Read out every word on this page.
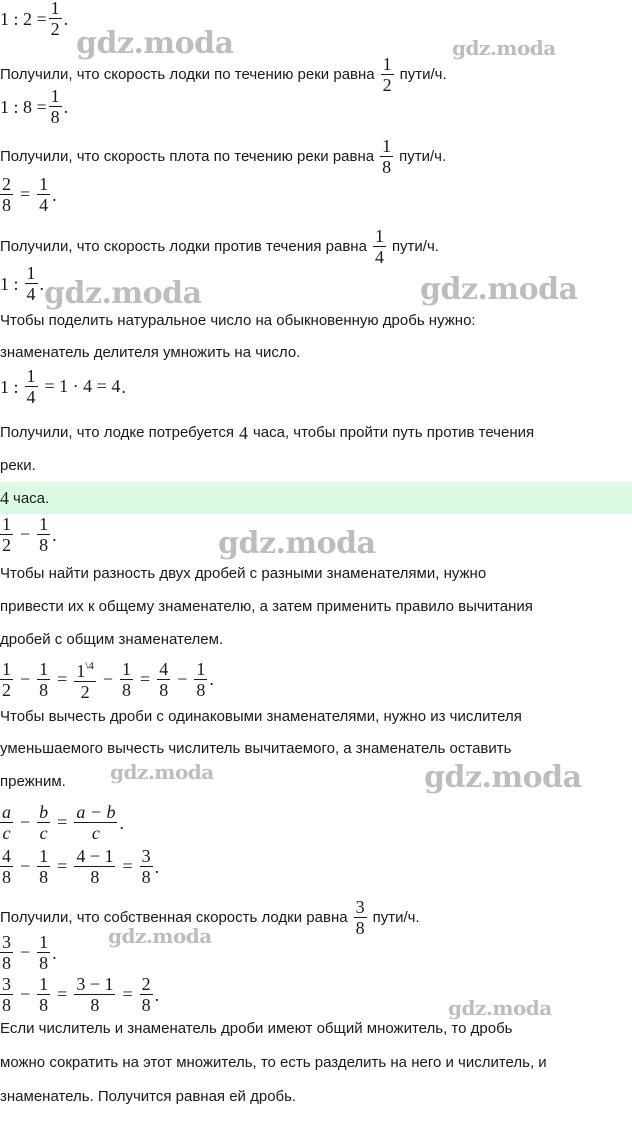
1 : $2 = \frac{1}{2}$ .
gdz.moda	gdz.moda
Получили, что скорость лодки по течению реки равна 1
2
пути/ч.
1 : $8 = \frac{1}{8}$ .
Получили, что скорость плота по течению реки равна 1
8
пути/ч.
$\frac{2}{8} = \frac{1}{4}$ .
Получили, что скорость лодки против течения равна 1
4
пути/ч.
1 :
1
4
. gdz.moda	gdz.moda
Чтобы поделить натуральное число на обыкновенную дробь нужно:
знаменатель делителя умножить на число.
1 : $\frac{1}{4} = 1 \cdot 4 = 4$ .
Получили, что лодке потребуется 4 часа, чтобы пройти путь против течения
реки.
4 часа.
1
2
− $\frac{1}{8}$ .	gdz.moda
Чтобы найти разность двух дробей с разными знаменателями, нужно
привести их к общему знаменателю, а затем применить правило вычитания
дробей с общим знаменателем.
1
2
− $\frac{1}{8} = \frac{1^{\backslash 4}}{2} - \frac{1}{8} = \frac{4}{8} - \frac{1}{8}$ .
Чтобы вычесть дроби с одинаковыми знаменателями, нужно из числителя
уменьшаемого вычесть числитель вычитаемого, а знаменатель оставить
прежним. gdz.moda	gdz.moda
a
c
− $\frac{b}{c} = \frac{a - b}{c}$ .
4
8
− $\frac{1}{8} = \frac{4 - 1}{8} = \frac{3}{8}$ .
Получили, что собственная скорость лодки равна 3
8
пути/ч.
3
8
− $\frac{1}{8}$ .
gdz.moda
3
8
− $\frac{1}{8} = \frac{3 - 1}{8} = \frac{2}{8}$ .
gdz.moda
Если числитель и знаменатель дроби имеют общий множитель, то дробь
можно сократить на этот множитель, то есть разделить на него и числитель, и
знаменатель. Получится равная ей дробь.
